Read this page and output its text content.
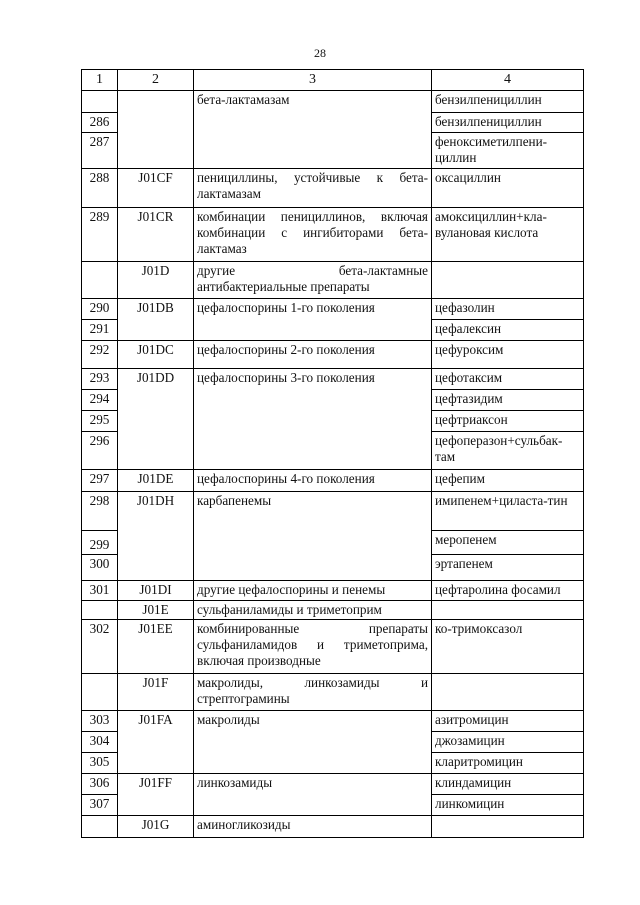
28
1	2	3	4
		бета-лактамазам	бензилпенициллин
286			бензилпенициллин
287			феноксиметилпени-циллин
288	J01CF	пенициллины, устойчивые к бета-лактамазам	оксациллин
289	J01CR	комбинации пенициллинов, включая комбинации с ингибиторами бета-лактамаз	амоксициллин+кла-вулановая кислота
	J01D	другие бета-лактамные антибактериальные препараты	
290	J01DB	цефалоспорины 1-го поколения	цефазолин
291			цефалексин
292	J01DC	цефалоспорины 2-го поколения	цефуроксим
293	J01DD	цефалоспорины 3-го поколения	цефотаксим
294			цефтазидим
295			цефтриаксон
296			цефоперазон+сульбак-там
297	J01DE	цефалоспорины 4-го поколения	цефепим
298	J01DH	карбапенемы	имипенем+циласта-тин
299			меропенем
300			эртапенем
301	J01DI	другие цефалоспорины и пенемы	цефтаролина фосамил
	J01E	сульфаниламиды и триметоприм	
302	J01EE	комбинированные препараты сульфаниламидов и триметоприма, включая производные	ко-тримоксазол
	J01F	макролиды, линкозамиды и стрептограмины	
303	J01FA	макролиды	азитромицин
304			джозамицин
305			кларитромицин
306	J01FF	линкозамиды	клиндамицин
307			линкомицин
	J01G	аминогликозиды	
